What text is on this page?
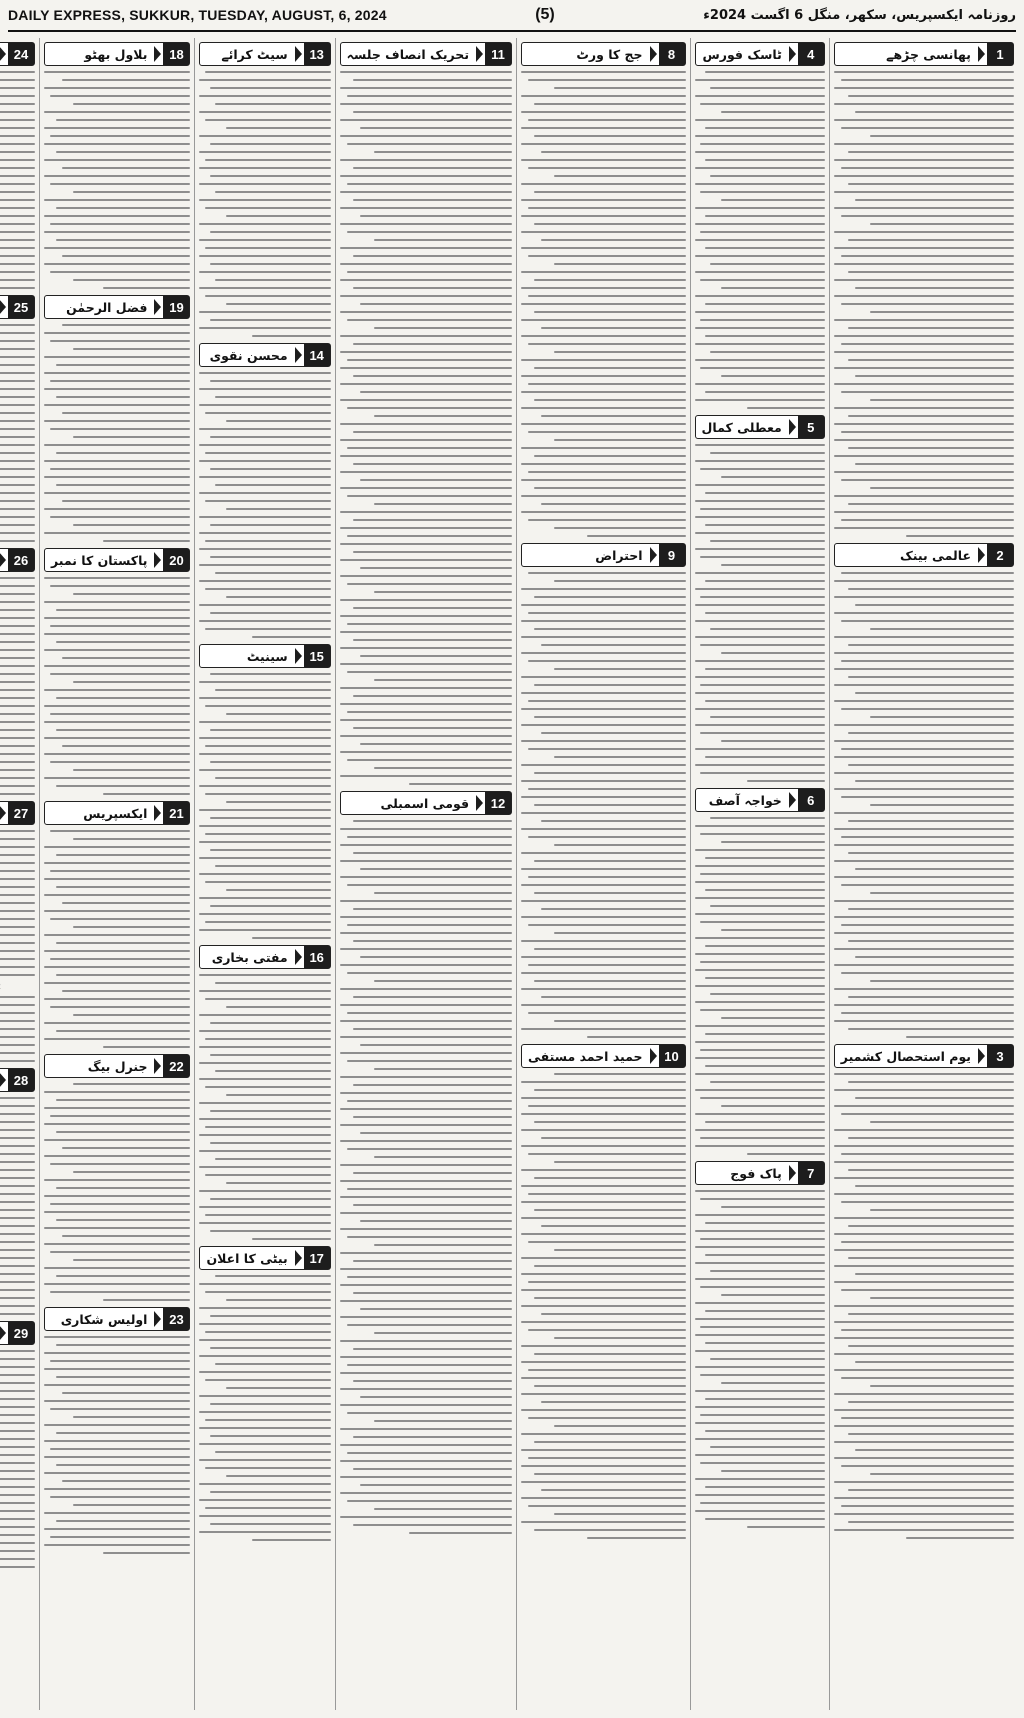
DAILY EXPRESS, SUKKUR, TUESDAY, AUGUST, 6, 2024	(5)	روزنامہ ایکسپریس، سکھر، منگل 6 اگست 2024ء
1
پھانسی چڑھے
2
عالمی بینک
3
یوم استحصال کشمیر
4
ٹاسک فورس
5
معطلی کمال
6
خواجہ آصف
7
پاک فوج
8
جج کا ورٹ
9
احتراض
10
حمید احمد مستفی
11
تحریک انصاف جلسہ
12
قومی اسمبلی
13
سیٹ کرائے
14
محسن نقوی
15
سینیٹ
16
مفتی بخاری
17
بیٹی کا اعلان
18
بلاول بھٹو
19
فضل الرحمٰن
20
پاکستان کا نمبر
21
ایکسپریس
22
جنرل بیگ
23
اولیس شکاری
24
25
26
27
28
29
